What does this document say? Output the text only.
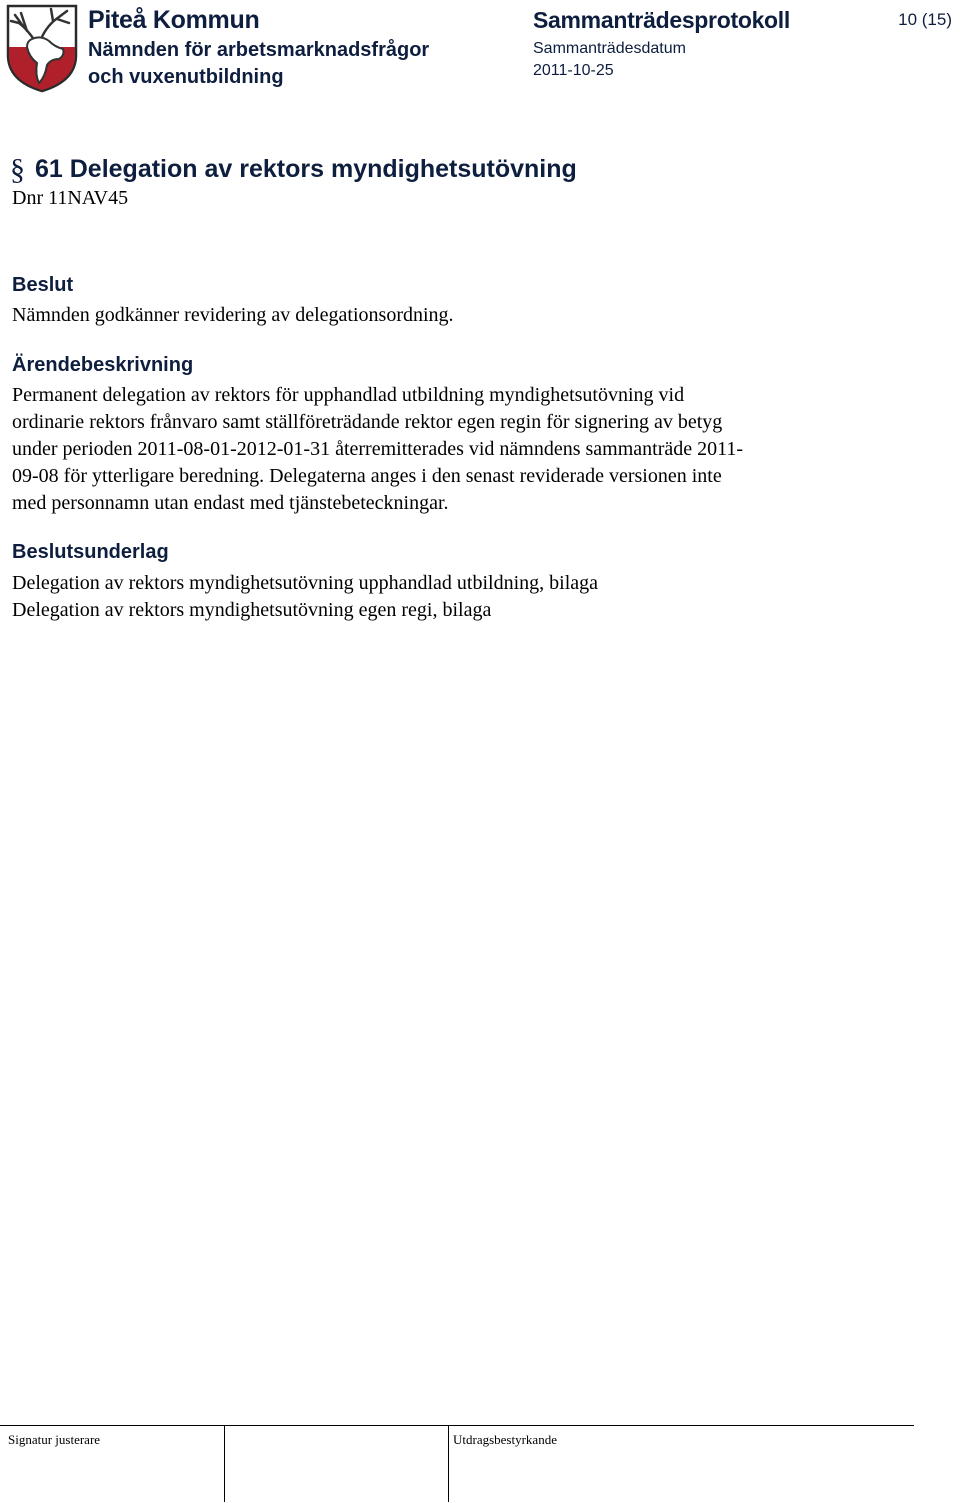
Piteå Kommun
Nämnden för arbetsmarknadsfrågor
och vuxenutbildning
Sammanträdesprotokoll
Sammanträdesdatum
2011-10-25
10 (15)
§ 61 Delegation av rektors myndighetsutövning
Dnr 11NAV45
Beslut
Nämnden godkänner revidering av delegationsordning.
Ärendebeskrivning
Permanent delegation av rektors för upphandlad utbildning myndighetsutövning vid
ordinarie rektors frånvaro samt ställföreträdande rektor egen regin för signering av betyg
under perioden 2011-08-01-2012-01-31 återremitterades vid nämndens sammanträde 2011-
09-08 för ytterligare beredning. Delegaterna anges i den senast reviderade versionen inte
med personnamn utan endast med tjänstebeteckningar.
Beslutsunderlag
Delegation av rektors myndighetsutövning upphandlad utbildning, bilaga
Delegation av rektors myndighetsutövning egen regi, bilaga
Signatur justerare	Utdragsbestyrkande
